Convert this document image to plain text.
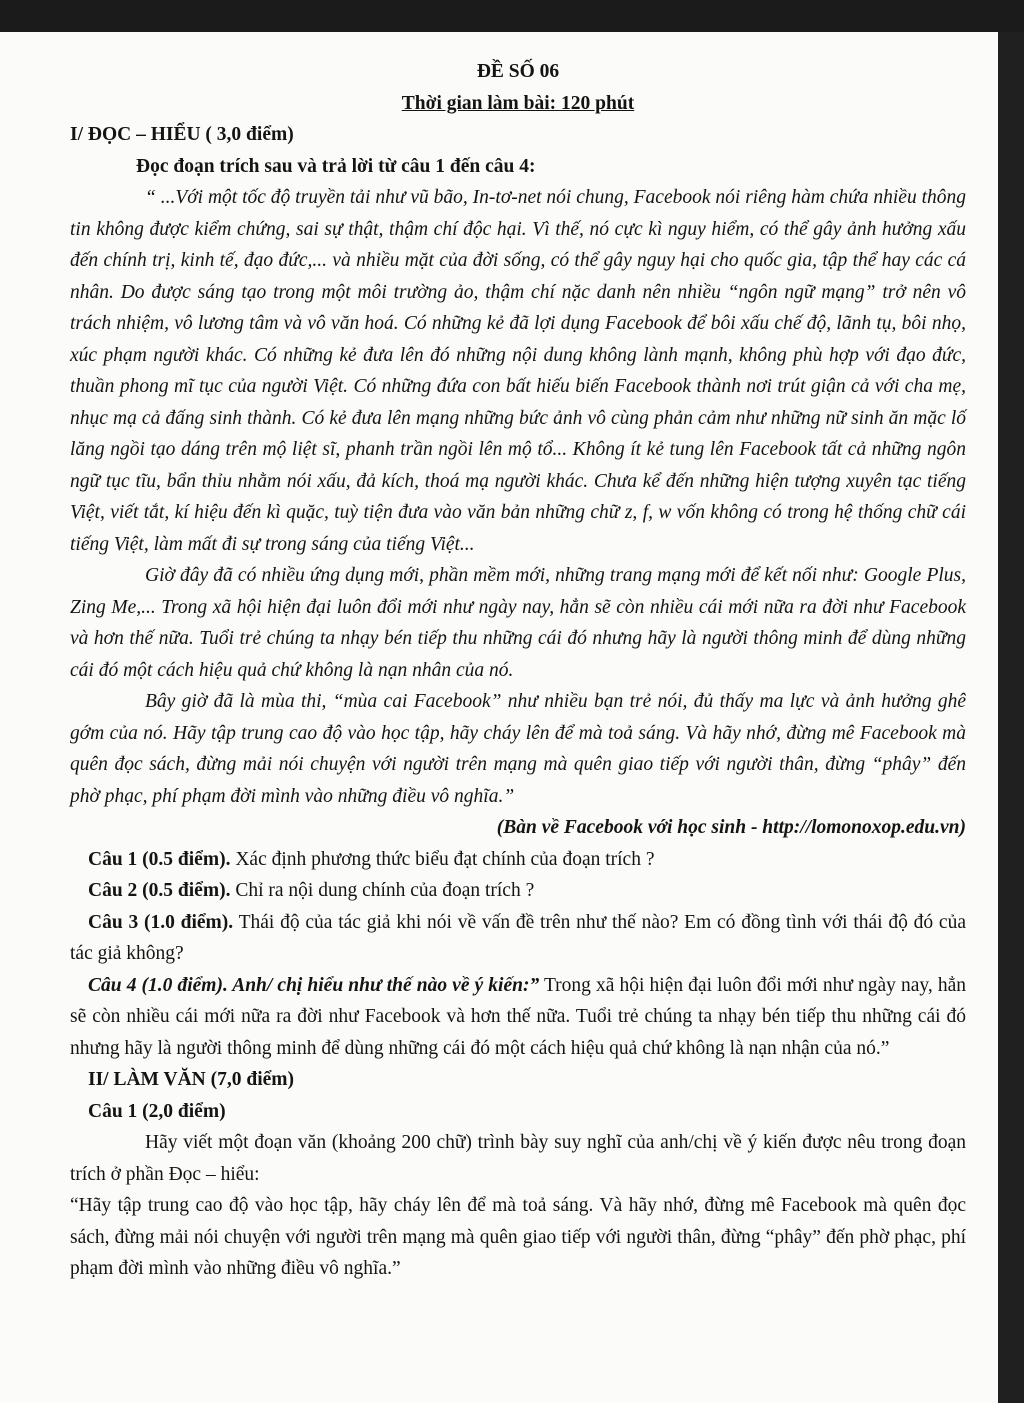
ĐỀ SỐ 06

Thời gian làm bài: 120 phút

I/ ĐỌC – HIỂU ( 3,0 điểm)

Đọc đoạn trích sau và trả lời từ câu 1 đến câu 4:

“ ...Với một tốc độ truyền tải như vũ bão, In-tơ-net nói chung, Facebook nói riêng hàm chứa nhiều thông tin không được kiểm chứng, sai sự thật, thậm chí độc hại. Vì thế, nó cực kì nguy hiểm, có thể gây ảnh hưởng xấu đến chính trị, kinh tế, đạo đức,... và nhiều mặt của đời sống, có thể gây nguy hại cho quốc gia, tập thể hay các cá nhân. Do được sáng tạo trong một môi trường ảo, thậm chí nặc danh nên nhiều “ngôn ngữ mạng” trở nên vô trách nhiệm, vô lương tâm và vô văn hoá. Có những kẻ đã lợi dụng Facebook để bôi xấu chế độ, lãnh tụ, bôi nhọ, xúc phạm người khác. Có những kẻ đưa lên đó những nội dung không lành mạnh, không phù hợp với đạo đức, thuần phong mĩ tục của người Việt. Có những đứa con bất hiếu biến Facebook thành nơi trút giận cả với cha mẹ, nhục mạ cả đấng sinh thành. Có kẻ đưa lên mạng những bức ảnh vô cùng phản cảm như những nữ sinh ăn mặc lố lăng ngồi tạo dáng trên mộ liệt sĩ, phanh trần ngồi lên mộ tổ... Không ít kẻ tung lên Facebook tất cả những ngôn ngữ tục tĩu, bẩn thỉu nhằm nói xấu, đả kích, thoá mạ người khác. Chưa kể đến những hiện tượng xuyên tạc tiếng Việt, viết tắt, kí hiệu đến kì quặc, tuỳ tiện đưa vào văn bản những chữ z, f, w vốn không có trong hệ thống chữ cái tiếng Việt, làm mất đi sự trong sáng của tiếng Việt...

Giờ đây đã có nhiều ứng dụng mới, phần mềm mới, những trang mạng mới để kết nối như: Google Plus, Zing Me,... Trong xã hội hiện đại luôn đổi mới như ngày nay, hẳn sẽ còn nhiều cái mới nữa ra đời như Facebook và hơn thế nữa. Tuổi trẻ chúng ta nhạy bén tiếp thu những cái đó nhưng hãy là người thông minh để dùng những cái đó một cách hiệu quả chứ không là nạn nhân của nó.

Bây giờ đã là mùa thi, “mùa cai Facebook” như nhiều bạn trẻ nói, đủ thấy ma lực và ảnh hưởng ghê gớm của nó. Hãy tập trung cao độ vào học tập, hãy cháy lên để mà toả sáng. Và hãy nhớ, đừng mê Facebook mà quên đọc sách, đừng mải nói chuyện với người trên mạng mà quên giao tiếp với người thân, đừng “phây” đến phờ phạc, phí phạm đời mình vào những điều vô nghĩa.”

(Bàn về Facebook với học sinh - http://lomonoxop.edu.vn)

Câu 1 (0.5 điểm). Xác định phương thức biểu đạt chính của đoạn trích ?

Câu 2 (0.5 điểm). Chỉ ra nội dung chính của đoạn trích ?

Câu 3 (1.0 điểm). Thái độ của tác giả khi nói về vấn đề trên như thế nào? Em có đồng tình với thái độ đó của tác giả không?

Câu 4 (1.0 điểm). Anh/ chị hiểu như thế nào về ý kiến:” Trong xã hội hiện đại luôn đổi mới như ngày nay, hẳn sẽ còn nhiều cái mới nữa ra đời như Facebook và hơn thế nữa. Tuổi trẻ chúng ta nhạy bén tiếp thu những cái đó nhưng hãy là người thông minh để dùng những cái đó một cách hiệu quả chứ không là nạn nhận của nó.”

II/ LÀM VĂN (7,0 điểm)

Câu 1 (2,0 điểm)

Hãy viết một đoạn văn (khoảng 200 chữ) trình bày suy nghĩ của anh/chị về ý kiến được nêu trong đoạn trích ở phần Đọc – hiểu:

“Hãy tập trung cao độ vào học tập, hãy cháy lên để mà toả sáng. Và hãy nhớ, đừng mê Facebook mà quên đọc sách, đừng mải nói chuyện với người trên mạng mà quên giao tiếp với người thân, đừng “phây” đến phờ phạc, phí phạm đời mình vào những điều vô nghĩa.”
